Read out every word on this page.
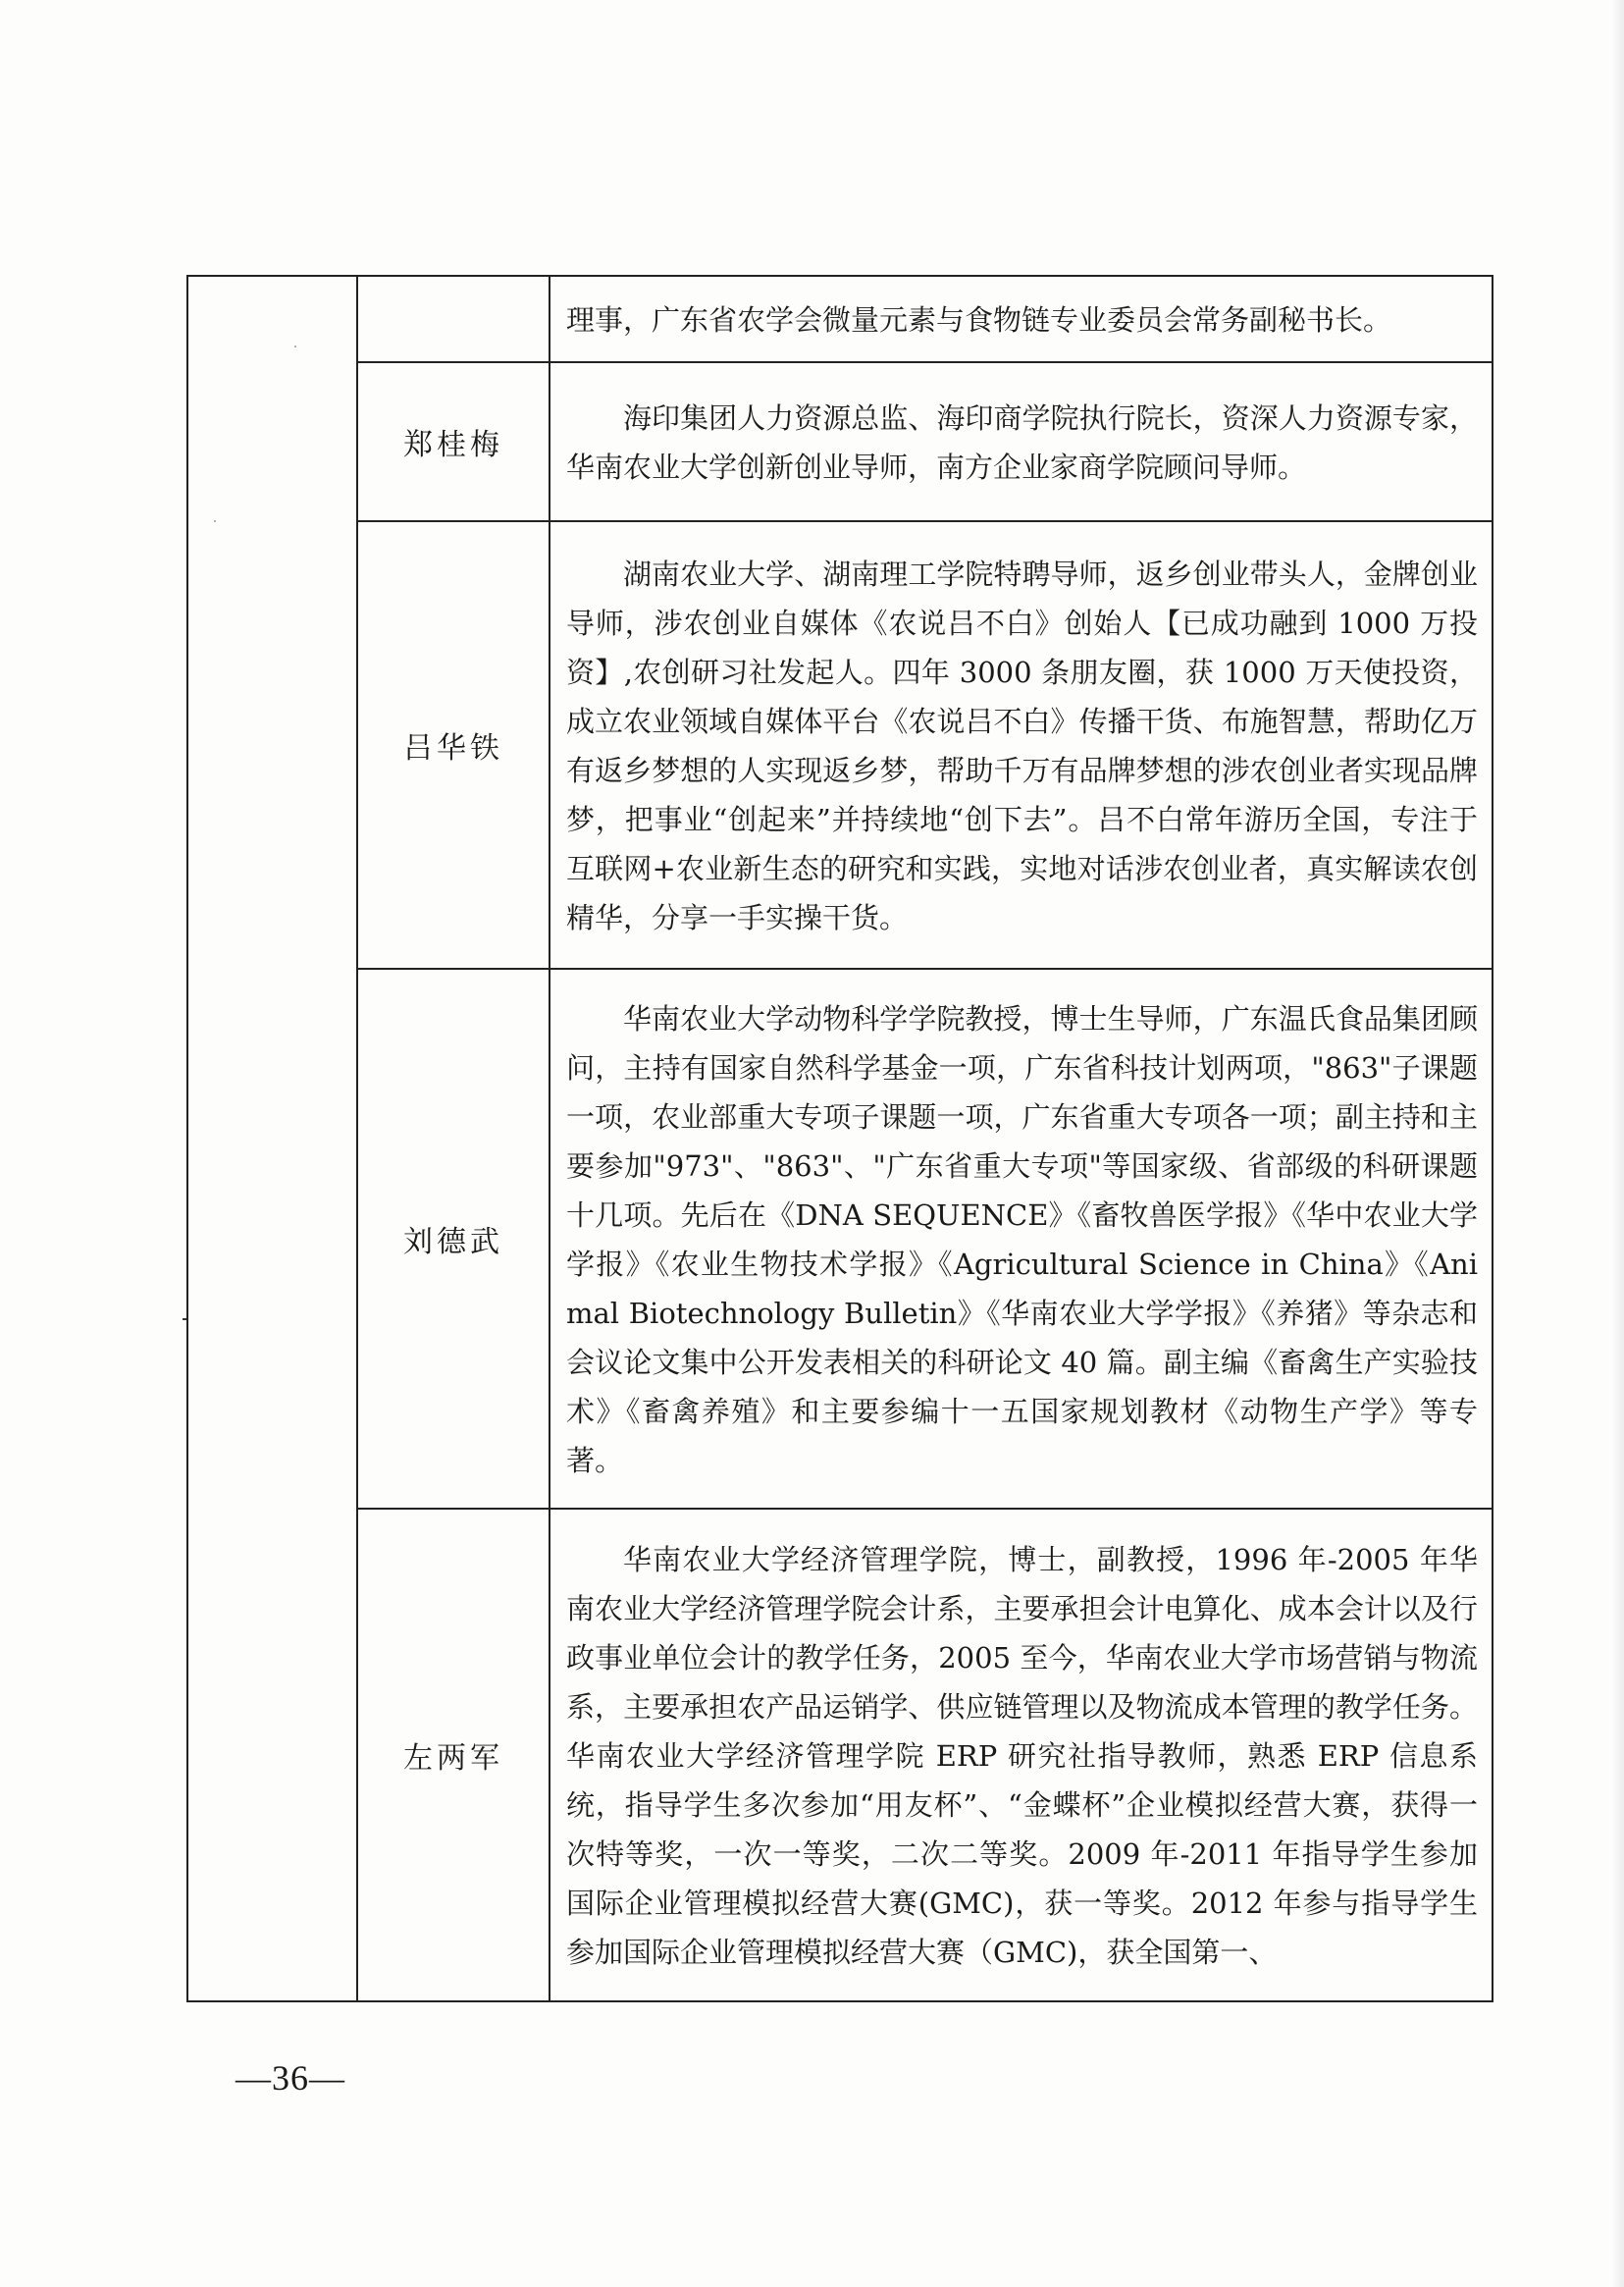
		理事，广东省农学会微量元素与食物链专业委员会常务副秘书长。

	郑桂梅	海印集团人力资源总监、海印商学院执行院长，资深人力资源专家，华南农业大学创新创业导师，南方企业家商学院顾问导师。

	吕华铁	湖南农业大学、湖南理工学院特聘导师，返乡创业带头人，金牌创业导师，涉农创业自媒体《农说吕不白》创始人【已成功融到 1000 万投资】,农创研习社发起人。四年 3000 条朋友圈，获 1000 万天使投资，成立农业领域自媒体平台《农说吕不白》传播干货、布施智慧，帮助亿万有返乡梦想的人实现返乡梦，帮助千万有品牌梦想的涉农创业者实现品牌梦，把事业“创起来”并持续地“创下去”。吕不白常年游历全国，专注于互联网+农业新生态的研究和实践，实地对话涉农创业者，真实解读农创精华，分享一手实操干货。

	刘德武	华南农业大学动物科学学院教授，博士生导师，广东温氏食品集团顾问，主持有国家自然科学基金一项，广东省科技计划两项，"863"子课题一项，农业部重大专项子课题一项，广东省重大专项各一项；副主持和主要参加"973"、"863"、"广东省重大专项"等国家级、省部级的科研课题十几项。先后在《DNA SEQUENCE》《畜牧兽医学报》《华中农业大学学报》《农业生物技术学报》《Agricultural Science in China》《Animal Biotechnology Bulletin》《华南农业大学学报》《养猪》等杂志和会议论文集中公开发表相关的科研论文 40 篇。副主编《畜禽生产实验技术》《畜禽养殖》和主要参编十一五国家规划教材《动物生产学》等专著。

	左两军	华南农业大学经济管理学院，博士，副教授，1996 年-2005 年华南农业大学经济管理学院会计系，主要承担会计电算化、成本会计以及行政事业单位会计的教学任务，2005 至今，华南农业大学市场营销与物流系，主要承担农产品运销学、供应链管理以及物流成本管理的教学任务。华南农业大学经济管理学院 ERP 研究社指导教师，熟悉 ERP 信息系统，指导学生多次参加“用友杯”、“金蝶杯”企业模拟经营大赛，获得一次特等奖，一次一等奖，二次二等奖。2009 年-2011 年指导学生参加国际企业管理模拟经营大赛(GMC)，获一等奖。2012 年参与指导学生参加国际企业管理模拟经营大赛（GMC)，获全国第一、

—36—
